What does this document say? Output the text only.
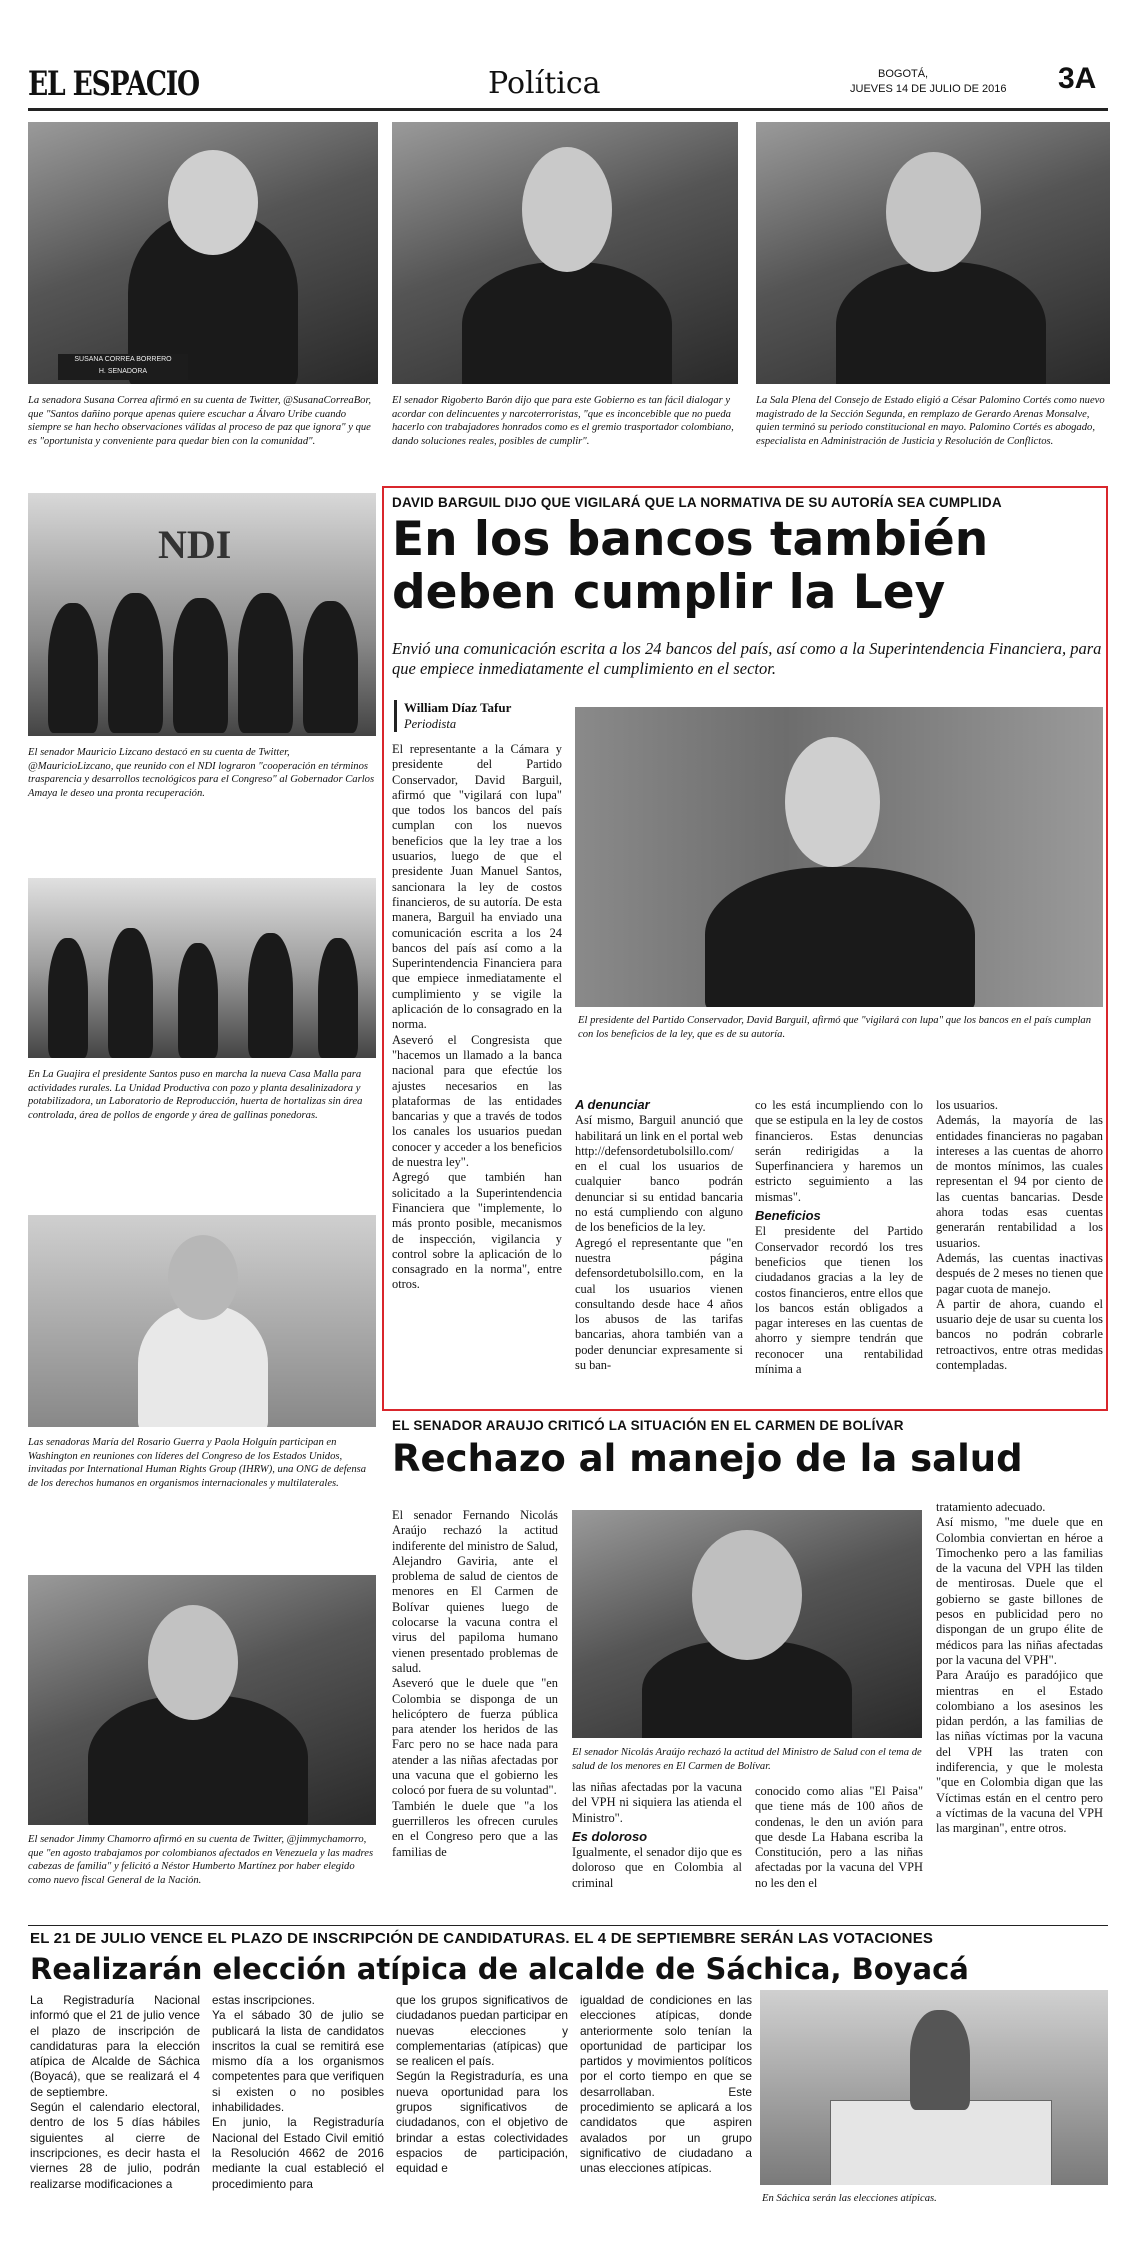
EL ESPACIO	Política	BOGOTÁ,
JUEVES 14 DE JULIO DE 2016 3A
SUSANA CORREA BORRERO
H. SENADORA
La senadora Susana Correa afirmó en su cuenta de Twitter, @SusanaCorreaBor, que "Santos dañino porque apenas quiere escuchar a Álvaro Uribe cuando siempre se han hecho observaciones válidas al proceso de paz que ignora" y que es "oportunista y conveniente para quedar bien con la comunidad".
El senador Rigoberto Barón dijo que para este Gobierno es tan fácil dialogar y acordar con delincuentes y narcoterroristas, "que es inconcebible que no pueda hacerlo con trabajadores honrados como es el gremio trasportador colombiano, dando soluciones reales, posibles de cumplir".
La Sala Plena del Consejo de Estado eligió a César Palomino Cortés como nuevo magistrado de la Sección Segunda, en remplazo de Gerardo Arenas Monsalve, quien terminó su periodo constitucional en mayo. Palomino Cortés es abogado, especialista en Administración de Justicia y Resolución de Conflictos.
NDI
El senador Mauricio Lizcano destacó en su cuenta de Twitter, @MauricioLizcano, que reunido con el NDI lograron "cooperación en términos trasparencia y desarrollos tecnológicos para el Congreso" al Gobernador Carlos Amaya le deseo una pronta recuperación.
En La Guajira el presidente Santos puso en marcha la nueva Casa Malla para actividades rurales. La Unidad Productiva con pozo y planta desalinizadora y potabilizadora, un Laboratorio de Reproducción, huerta de hortalizas sin área controlada, área de pollos de engorde y área de gallinas ponedoras.
Las senadoras María del Rosario Guerra y Paola Holguín participan en Washington en reuniones con líderes del Congreso de los Estados Unidos, invitadas por International Human Rights Group (IHRW), una ONG de defensa de los derechos humanos en organismos internacionales y multilaterales.
El senador Jimmy Chamorro afirmó en su cuenta de Twitter, @jimmychamorro, que "en agosto trabajamos por colombianos afectados en Venezuela y las madres cabezas de familia" y felicitó a Néstor Humberto Martínez por haber elegido como nuevo fiscal General de la Nación.
DAVID BARGUIL DIJO QUE VIGILARÁ QUE LA NORMATIVA DE SU AUTORÍA SEA CUMPLIDA
En los bancos también
deben cumplir la Ley
Envió una comunicación escrita a los 24 bancos del país, así como a la Superintendencia Financiera, para que empiece inmediatamente el cumplimiento en el sector.
William Díaz Tafur
Periodista

El representante a la Cámara y presidente del Partido Conservador, David Barguil, afirmó que "vigilará con lupa" que todos los bancos del país cumplan con los nuevos beneficios que la ley trae a los usuarios, luego de que el presidente Juan Manuel Santos, sancionara la ley de costos financieros, de su autoría. De esta manera, Barguil ha enviado una comunicación escrita a los 24 bancos del país así como a la Superintendencia Financiera para que empiece inmediatamente el cumplimiento y se vigile la aplicación de lo consagrado en la norma.

Aseveró el Congresista que "hacemos un llamado a la banca nacional para que efectúe los ajustes necesarios en las plataformas de las entidades bancarias y que a través de todos los canales los usuarios puedan conocer y acceder a los beneficios de nuestra ley".

Agregó que también han solicitado a la Superintendencia Financiera que "implemente, lo más pronto posible, mecanismos de inspección, vigilancia y control sobre la aplicación de lo consagrado en la norma", entre otros.

El presidente del Partido Conservador, David Barguil, afirmó que "vigilará con lupa" que los bancos en el país cumplan con los beneficios de la ley, que es de su autoría.
A denunciar

Así mismo, Barguil anunció que habilitará un link en el portal web http://defensordetubolsillo.com/ en el cual los usuarios de cualquier banco podrán denunciar si su entidad bancaria no está cumpliendo con alguno de los beneficios de la ley.

Agregó el representante que "en nuestra página defensordetubolsillo.com, en la cual los usuarios vienen consultando desde hace 4 años los abusos de las tarifas bancarias, ahora también van a poder denunciar expresamente si su ban-

co les está incumpliendo con lo que se estipula en la ley de costos financieros. Estas denuncias serán redirigidas a la Superfinanciera y haremos un estricto seguimiento a las mismas".

Beneficios

El presidente del Partido Conservador recordó los tres beneficios que tienen los ciudadanos gracias a la ley de costos financieros, entre ellos que los bancos están obligados a pagar intereses en las cuentas de ahorro y siempre tendrán que reconocer una rentabilidad mínima a

los usuarios.

Además, la mayoría de las entidades financieras no pagaban intereses a las cuentas de ahorro de montos mínimos, las cuales representan el 94 por ciento de las cuentas bancarias. Desde ahora todas esas cuentas generarán rentabilidad a los usuarios.

Además, las cuentas inactivas después de 2 meses no tienen que pagar cuota de manejo.

A partir de ahora, cuando el usuario deje de usar su cuenta los bancos no podrán cobrarle retroactivos, entre otras medidas contempladas.

EL SENADOR ARAUJO CRITICÓ LA SITUACIÓN EN EL CARMEN DE BOLÍVAR
Rechazo al manejo de la salud

El senador Fernando Nicolás Araújo rechazó la actitud indiferente del ministro de Salud, Alejandro Gaviria, ante el problema de salud de cientos de menores en El Carmen de Bolívar quienes luego de colocarse la vacuna contra el virus del papiloma humano vienen presentado problemas de salud.

Aseveró que le duele que "en Colombia se disponga de un helicóptero de fuerza pública para atender los heridos de las Farc pero no se hace nada para atender a las niñas afectadas por una vacuna que el gobierno les colocó por fuera de su voluntad".

También le duele que "a los guerrilleros les ofrecen curules en el Congreso pero que a las familias de

El senador Nicolás Araújo rechazó la actitud del Ministro de Salud con el tema de salud de los menores en El Carmen de Bolívar.

las niñas afectadas por la vacuna del VPH ni siquiera las atienda el Ministro".

Es doloroso

Igualmente, el senador dijo que es doloroso que en Colombia al criminal

conocido como alias "El Paisa" que tiene más de 100 años de condenas, le den un avión para que desde La Habana escriba la Constitución, pero a las niñas afectadas por la vacuna del VPH no les den el

tratamiento adecuado.

Así mismo, "me duele que en Colombia conviertan en héroe a Timochenko pero a las familias de la vacuna del VPH las tilden de mentirosas. Duele que el gobierno se gaste billones de pesos en publicidad pero no dispongan de un grupo élite de médicos para las niñas afectadas por la vacuna del VPH".

Para Araújo es paradójico que mientras en el Estado colombiano a los asesinos les pidan perdón, a las familias de las niñas víctimas por la vacuna del VPH las traten con indiferencia, y que le molesta "que en Colombia digan que las Víctimas están en el centro pero a víctimas de la vacuna del VPH las marginan", entre otros.

EL 21 DE JULIO VENCE EL PLAZO DE INSCRIPCIÓN DE CANDIDATURAS. EL 4 DE SEPTIEMBRE SERÁN LAS VOTACIONES
Realizarán elección atípica de alcalde de Sáchica, Boyacá

La Registraduría Nacional informó que el 21 de julio vence el plazo de inscripción de candidaturas para la elección atípica de Alcalde de Sáchica (Boyacá), que se realizará el 4 de septiembre.

Según el calendario electoral, dentro de los 5 días hábiles siguientes al cierre de inscripciones, es decir hasta el viernes 28 de julio, podrán realizarse modificaciones a

estas inscripciones.

Ya el sábado 30 de julio se publicará la lista de candidatos inscritos la cual se remitirá ese mismo día a los organismos competentes para que verifiquen si existen o no posibles inhabilidades.

En junio, la Registraduría Nacional del Estado Civil emitió la Resolución 4662 de 2016 mediante la cual estableció el procedimiento para

que los grupos significativos de ciudadanos puedan participar en nuevas elecciones y complementarias (atípicas) que se realicen el país.

Según la Registraduría, es una nueva oportunidad para los grupos significativos de ciudadanos, con el objetivo de brindar a estas colectividades espacios de participación, equidad e

igualdad de condiciones en las elecciones atípicas, donde anteriormente solo tenían la oportunidad de participar los partidos y movimientos políticos por el corto tiempo en que se desarrollaban. Este procedimiento se aplicará a los candidatos que aspiren avalados por un grupo significativo de ciudadano a unas elecciones atípicas.

En Sáchica serán las elecciones atípicas.
